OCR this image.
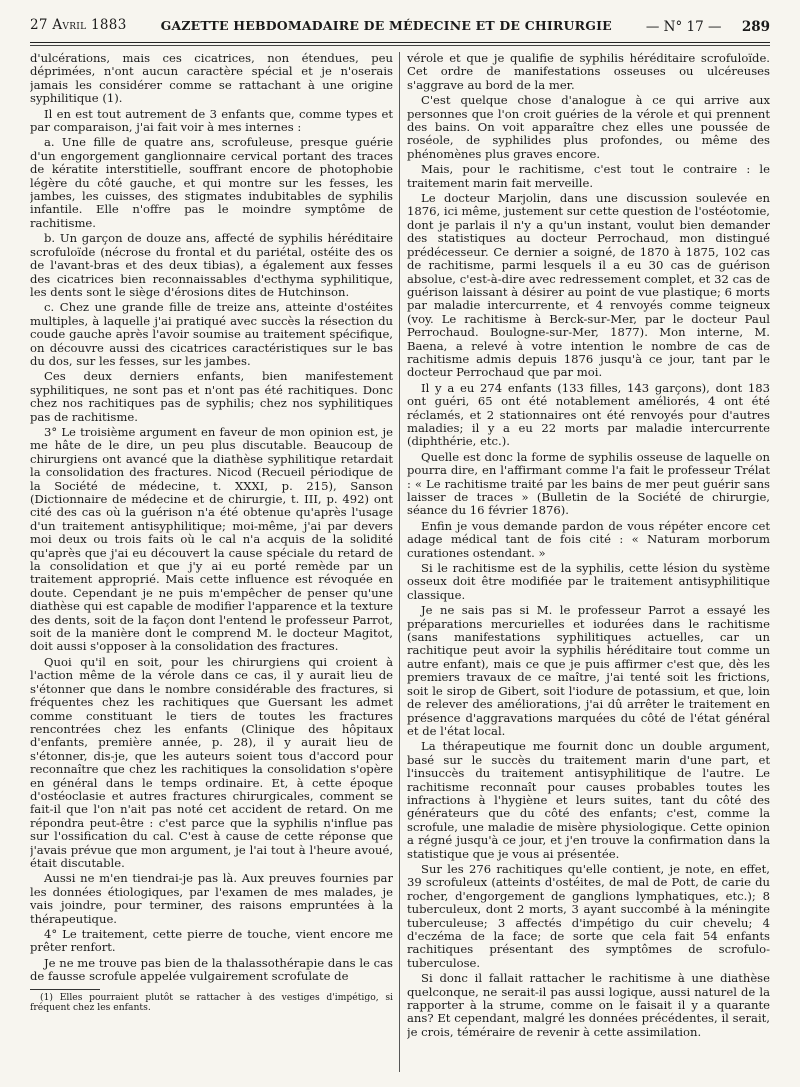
27 Avril 1883	GAZETTE HEBDOMADAIRE DE MÉDECINE ET DE CHIRURGIE	— N° 17 — 289

d'ulcérations, mais ces cicatrices, non étendues, peu déprimées, n'ont aucun caractère spécial et je n'oserais jamais les considérer comme se rattachant à une origine syphilitique (1).

Il en est tout autrement de 3 enfants que, comme types et par comparaison, j'ai fait voir à mes internes :

a. Une fille de quatre ans, scrofuleuse, presque guérie d'un engorgement ganglionnaire cervical portant des traces de kératite interstitielle, souffrant encore de photophobie légère du côté gauche, et qui montre sur les fesses, les jambes, les cuisses, des stigmates indubitables de syphilis infantile. Elle n'offre pas le moindre symptôme de rachitisme.

b. Un garçon de douze ans, affecté de syphilis héréditaire scrofuloïde (nécrose du frontal et du pariétal, ostéite des os de l'avant-bras et des deux tibias), a également aux fesses des cicatrices bien reconnaissables d'ecthyma syphilitique, les dents sont le siège d'érosions dites de Hutchinson.

c. Chez une grande fille de treize ans, atteinte d'ostéites multiples, à laquelle j'ai pratiqué avec succès la résection du coude gauche après l'avoir soumise au traitement spécifique, on découvre aussi des cicatrices caractéristiques sur le bas du dos, sur les fesses, sur les jambes.

Ces deux derniers enfants, bien manifestement syphilitiques, ne sont pas et n'ont pas été rachitiques. Donc chez nos rachitiques pas de syphilis; chez nos syphilitiques pas de rachitisme.

3° Le troisième argument en faveur de mon opinion est, je me hâte de le dire, un peu plus discutable. Beaucoup de chirurgiens ont avancé que la diathèse syphilitique retardait la consolidation des fractures. Nicod (Recueil périodique de la Société de médecine, t. XXXI, p. 215), Sanson (Dictionnaire de médecine et de chirurgie, t. III, p. 492) ont cité des cas où la guérison n'a été obtenue qu'après l'usage d'un traitement antisyphilitique; moi-même, j'ai par devers moi deux ou trois faits où le cal n'a acquis de la solidité qu'après que j'ai eu découvert la cause spéciale du retard de la consolidation et que j'y ai eu porté remède par un traitement approprié. Mais cette influence est révoquée en doute. Cependant je ne puis m'empêcher de penser qu'une diathèse qui est capable de modifier l'apparence et la texture des dents, soit de la façon dont l'entend le professeur Parrot, soit de la manière dont le comprend M. le docteur Magitot, doit aussi s'opposer à la consolidation des fractures.

Quoi qu'il en soit, pour les chirurgiens qui croient à l'action même de la vérole dans ce cas, il y aurait lieu de s'étonner que dans le nombre considérable des fractures, si fréquentes chez les rachitiques que Guersant les admet comme constituant le tiers de toutes les fractures rencontrées chez les enfants (Clinique des hôpitaux d'enfants, première année, p. 28), il y aurait lieu de s'étonner, dis-je, que les auteurs soient tous d'accord pour reconnaître que chez les rachitiques la consolidation s'opère en général dans le temps ordinaire. Et, à cette époque d'ostéoclasie et autres fractures chirurgicales, comment se fait-il que l'on n'ait pas noté cet accident de retard. On me répondra peut-être : c'est parce que la syphilis n'influe pas sur l'ossification du cal. C'est à cause de cette réponse que j'avais prévue que mon argument, je l'ai tout à l'heure avoué, était discutable.

Aussi ne m'en tiendrai-je pas là. Aux preuves fournies par les données étiologiques, par l'examen de mes malades, je vais joindre, pour terminer, des raisons empruntées à la thérapeutique.

4° Le traitement, cette pierre de touche, vient encore me prêter renfort.

Je ne me trouve pas bien de la thalassothérapie dans le cas de fausse scrofule appelée vulgairement scrofulate de

(1) Elles pourraient plutôt se rattacher à des vestiges d'impétigo, si fréquent chez les enfants.

vérole et que je qualifie de syphilis héréditaire scrofuloïde. Cet ordre de manifestations osseuses ou ulcéreuses s'aggrave au bord de la mer.

C'est quelque chose d'analogue à ce qui arrive aux personnes que l'on croit guéries de la vérole et qui prennent des bains. On voit apparaître chez elles une poussée de roséole, de syphilides plus profondes, ou même des phénomènes plus graves encore.

Mais, pour le rachitisme, c'est tout le contraire : le traitement marin fait merveille.

Le docteur Marjolin, dans une discussion soulevée en 1876, ici même, justement sur cette question de l'ostéotomie, dont je parlais il n'y a qu'un instant, voulut bien demander des statistiques au docteur Perrochaud, mon distingué prédécesseur. Ce dernier a soigné, de 1870 à 1875, 102 cas de rachitisme, parmi lesquels il a eu 30 cas de guérison absolue, c'est-à-dire avec redressement complet, et 32 cas de guérison laissant à désirer au point de vue plastique; 6 morts par maladie intercurrente, et 4 renvoyés comme teigneux (voy. Le rachitisme à Berck-sur-Mer, par le docteur Paul Perrochaud. Boulogne-sur-Mer, 1877). Mon interne, M. Baena, a relevé à votre intention le nombre de cas de rachitisme admis depuis 1876 jusqu'à ce jour, tant par le docteur Perrochaud que par moi.

Il y a eu 274 enfants (133 filles, 143 garçons), dont 183 ont guéri, 65 ont été notablement améliorés, 4 ont été réclamés, et 2 stationnaires ont été renvoyés pour d'autres maladies; il y a eu 22 morts par maladie intercurrente (diphthérie, etc.).

Quelle est donc la forme de syphilis osseuse de laquelle on pourra dire, en l'affirmant comme l'a fait le professeur Trélat : « Le rachitisme traité par les bains de mer peut guérir sans laisser de traces » (Bulletin de la Société de chirurgie, séance du 16 février 1876).

Enfin je vous demande pardon de vous répéter encore cet adage médical tant de fois cité : « Naturam morborum curationes ostendant. »

Si le rachitisme est de la syphilis, cette lésion du système osseux doit être modifiée par le traitement antisyphilitique classique.

Je ne sais pas si M. le professeur Parrot a essayé les préparations mercurielles et iodurées dans le rachitisme (sans manifestations syphilitiques actuelles, car un rachitique peut avoir la syphilis héréditaire tout comme un autre enfant), mais ce que je puis affirmer c'est que, dès les premiers travaux de ce maître, j'ai tenté soit les frictions, soit le sirop de Gibert, soit l'iodure de potassium, et que, loin de relever des améliorations, j'ai dû arrêter le traitement en présence d'aggravations marquées du côté de l'état général et de l'état local.

La thérapeutique me fournit donc un double argument, basé sur le succès du traitement marin d'une part, et l'insuccès du traitement antisyphilitique de l'autre. Le rachitisme reconnaît pour causes probables toutes les infractions à l'hygiène et leurs suites, tant du côté des générateurs que du côté des enfants; c'est, comme la scrofule, une maladie de misère physiologique. Cette opinion a régné jusqu'à ce jour, et j'en trouve la confirmation dans la statistique que je vous ai présentée.

Sur les 276 rachitiques qu'elle contient, je note, en effet, 39 scrofuleux (atteints d'ostéites, de mal de Pott, de carie du rocher, d'engorgement de ganglions lymphatiques, etc.); 8 tuberculeux, dont 2 morts, 3 ayant succombé à la méningite tuberculeuse; 3 affectés d'impétigo du cuir chevelu; 4 d'eczéma de la face; de sorte que cela fait 54 enfants rachitiques présentant des symptômes de scrofulo-tuberculose.

Si donc il fallait rattacher le rachitisme à une diathèse quelconque, ne serait-il pas aussi logique, aussi naturel de la rapporter à la strume, comme on le faisait il y a quarante ans? Et cependant, malgré les données précédentes, il serait, je crois, téméraire de revenir à cette assimilation.
